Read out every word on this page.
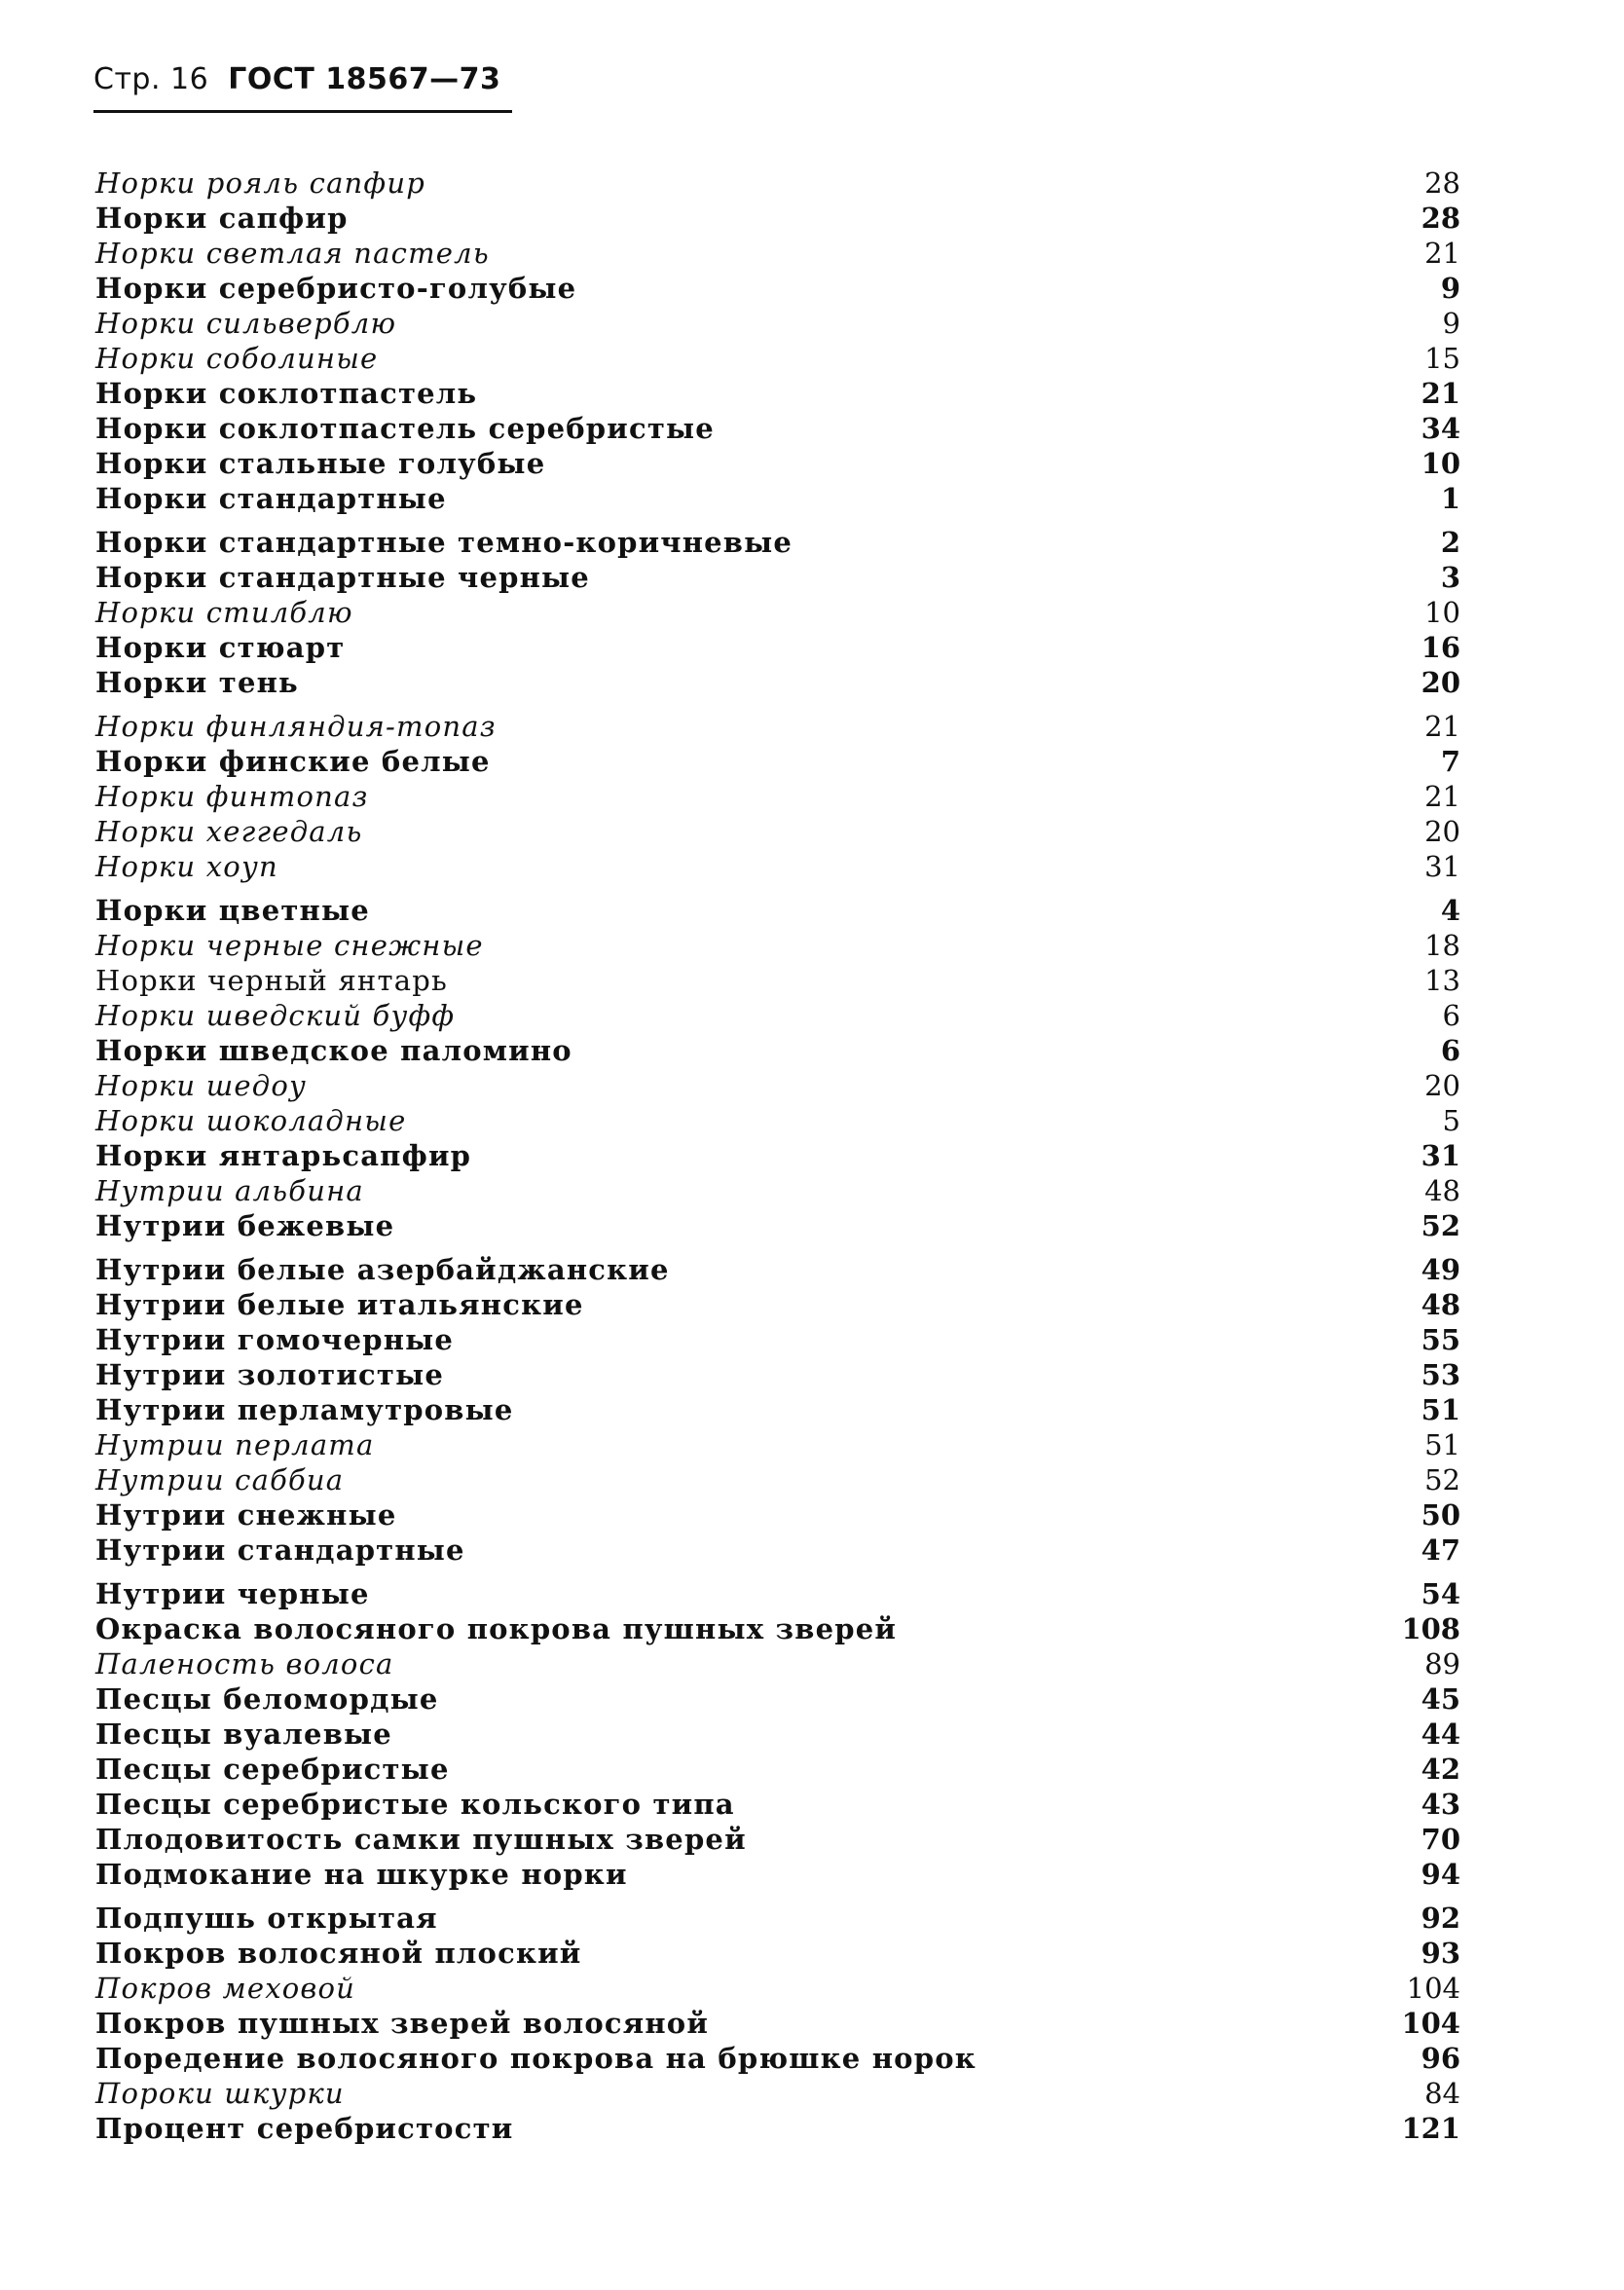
Стр. 16 ГОСТ 18567—73
Норки рояль сапфир	28
Норки сапфир	28
Норки светлая пастель	21
Норки серебристо-голубые	9
Норки сильверблю	9
Норки соболиные	15
Норки соклотпастель	21
Норки соклотпастель серебристые	34
Норки стальные голубые	10
Норки стандартные	1
Норки стандартные темно-коричневые	2
Норки стандартные черные	3
Норки стилблю	10
Норки стюарт	16
Норки тень	20
Норки финляндия-топаз	21
Норки финские белые	7
Норки финтопаз	21
Норки хеггедаль	20
Норки хоуп	31
Норки цветные	4
Норки черные снежные	18
Норки черный янтарь	13
Норки шведский буфф	6
Норки шведское паломино	6
Норки шедоу	20
Норки шоколадные	5
Норки янтарьсапфир	31
Нутрии альбина	48
Нутрии бежевые	52
Нутрии белые азербайджанские	49
Нутрии белые итальянские	48
Нутрии гомочерные	55
Нутрии золотистые	53
Нутрии перламутровые	51
Нутрии перлата	51
Нутрии саббиа	52
Нутрии снежные	50
Нутрии стандартные	47
Нутрии черные	54
Окраска волосяного покрова пушных зверей	108
Паленость волоса	89
Песцы беломордые	45
Песцы вуалевые	44
Песцы серебристые	42
Песцы серебристые кольского типа	43
Плодовитость самки пушных зверей	70
Подмокание на шкурке норки	94
Подпушь открытая	92
Покров волосяной плоский	93
Покров меховой	104
Покров пушных зверей волосяной	104
Поредение волосяного покрова на брюшке норок	96
Пороки шкурки	84
Процент серебристости	121
